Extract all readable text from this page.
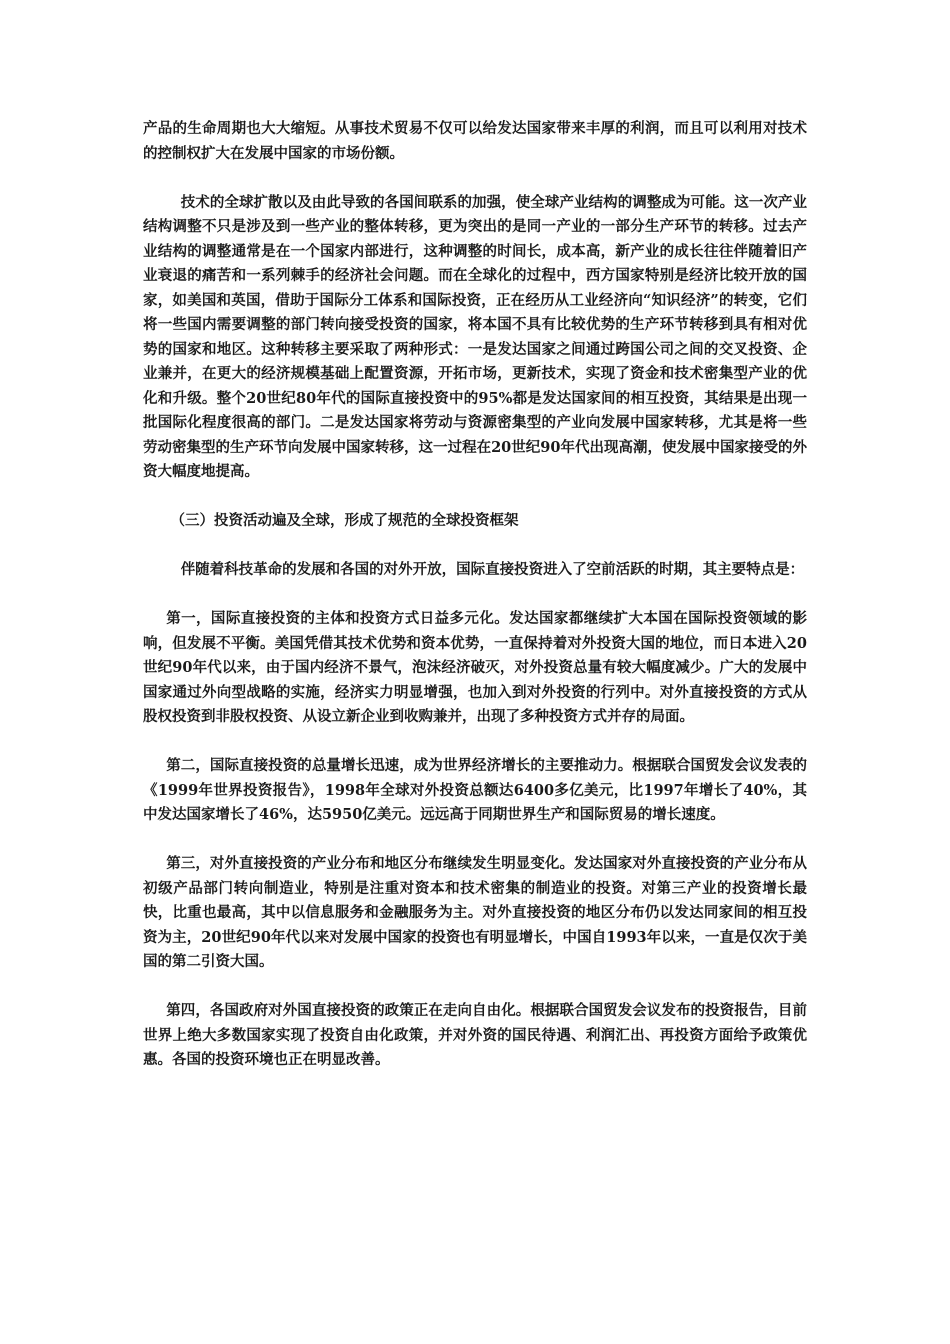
产品的生命周期也大大缩短。从事技术贸易不仅可以给发达国家带来丰厚的利润，而且可以利用对技术的控制权扩大在发展中国家的市场份额。

技术的全球扩散以及由此导致的各国间联系的加强，使全球产业结构的调整成为可能。这一次产业结构调整不只是涉及到一些产业的整体转移，更为突出的是同一产业的一部分生产环节的转移。过去产业结构的调整通常是在一个国家内部进行，这种调整的时间长，成本高，新产业的成长往往伴随着旧产业衰退的痛苦和一系列棘手的经济社会问题。而在全球化的过程中，西方国家特别是经济比较开放的国家，如美国和英国，借助于国际分工体系和国际投资，正在经历从工业经济向“知识经济”的转变，它们将一些国内需要调整的部门转向接受投资的国家，将本国不具有比较优势的生产环节转移到具有相对优势的国家和地区。这种转移主要采取了两种形式：一是发达国家之间通过跨国公司之间的交叉投资、企业兼并，在更大的经济规模基础上配置资源，开拓市场，更新技术，实现了资金和技术密集型产业的优化和升级。整个20世纪80年代的国际直接投资中的95%都是发达国家间的相互投资，其结果是出现一批国际化程度很高的部门。二是发达国家将劳动与资源密集型的产业向发展中国家转移，尤其是将一些劳动密集型的生产环节向发展中国家转移，这一过程在20世纪90年代出现高潮，使发展中国家接受的外资大幅度地提高。

（三）投资活动遍及全球，形成了规范的全球投资框架

伴随着科技革命的发展和各国的对外开放，国际直接投资进入了空前活跃的时期，其主要特点是：

第一，国际直接投资的主体和投资方式日益多元化。发达国家都继续扩大本国在国际投资领域的影响，但发展不平衡。美国凭借其技术优势和资本优势，一直保持着对外投资大国的地位，而日本进入20世纪90年代以来，由于国内经济不景气，泡沫经济破灭，对外投资总量有较大幅度减少。广大的发展中国家通过外向型战略的实施，经济实力明显增强，也加入到对外投资的行列中。对外直接投资的方式从股权投资到非股权投资、从设立新企业到收购兼并，出现了多种投资方式并存的局面。

第二，国际直接投资的总量增长迅速，成为世界经济增长的主要推动力。根据联合国贸发会议发表的《1999年世界投资报告》，1998年全球对外投资总额达6400多亿美元，比1997年增长了40%，其中发达国家增长了46%，达5950亿美元。远远高于同期世界生产和国际贸易的增长速度。

第三，对外直接投资的产业分布和地区分布继续发生明显变化。发达国家对外直接投资的产业分布从初级产品部门转向制造业，特别是注重对资本和技术密集的制造业的投资。对第三产业的投资增长最快，比重也最高，其中以信息服务和金融服务为主。对外直接投资的地区分布仍以发达同家间的相互投资为主，20世纪90年代以来对发展中国家的投资也有明显增长，中国自1993年以来，一直是仅次于美国的第二引资大国。

第四，各国政府对外国直接投资的政策正在走向自由化。根据联合国贸发会议发布的投资报告，目前世界上绝大多数国家实现了投资自由化政策，并对外资的国民待遇、利润汇出、再投资方面给予政策优惠。各国的投资环境也正在明显改善。
